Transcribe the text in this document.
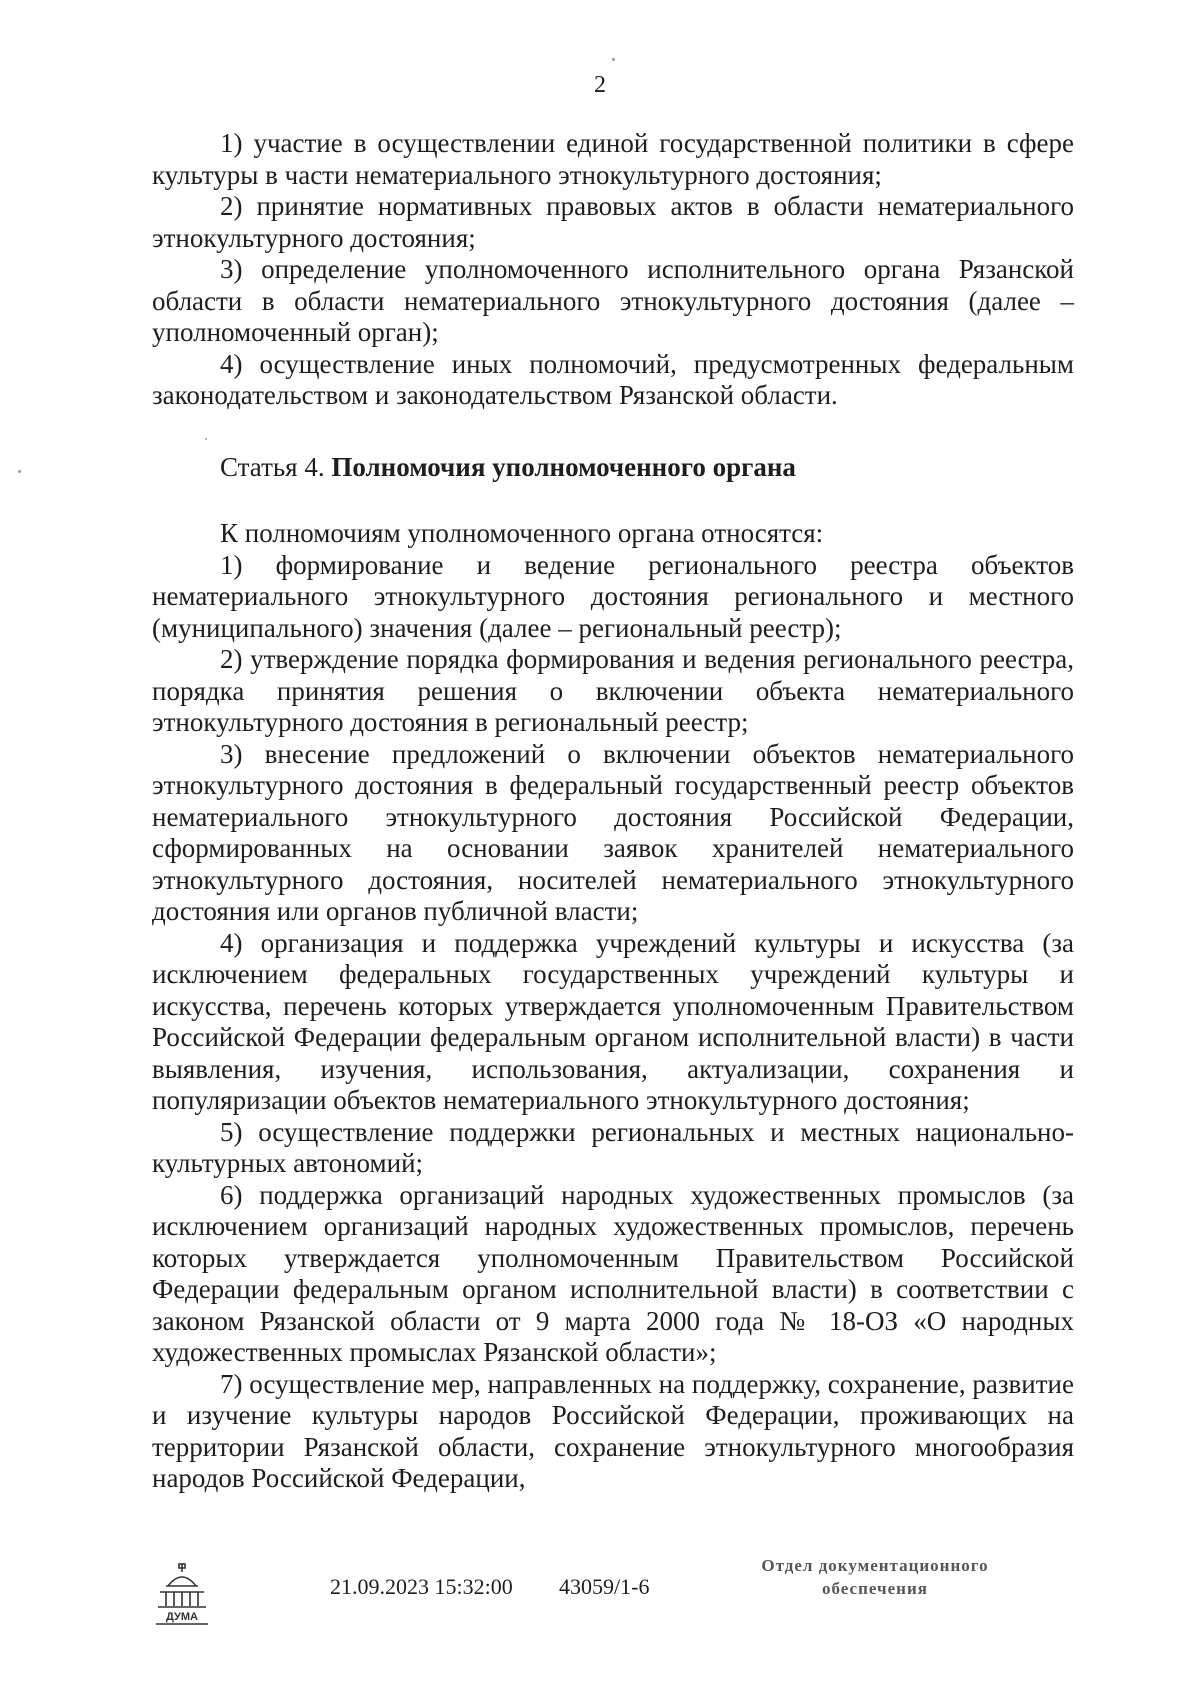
2

1) участие в осуществлении единой государственной политики в сфере культуры в части нематериального этнокультурного достояния;

2) принятие нормативных правовых актов в области нематериального этнокультурного достояния;

3) определение уполномоченного исполнительного органа Рязанской области в области нематериального этнокультурного достояния (далее – уполномоченный орган);

4) осуществление иных полномочий, предусмотренных федеральным законодательством и законодательством Рязанской области.

Статья 4. Полномочия уполномоченного органа

К полномочиям уполномоченного органа относятся:

1) формирование и ведение регионального реестра объектов нематериального этнокультурного достояния регионального и местного (муниципального) значения (далее – региональный реестр);

2) утверждение порядка формирования и ведения регионального реестра, порядка принятия решения о включении объекта нематериального этнокультурного достояния в региональный реестр;

3) внесение предложений о включении объектов нематериального этнокультурного достояния в федеральный государственный реестр объектов нематериального этнокультурного достояния Российской Федерации, сформированных на основании заявок хранителей нематериального этнокультурного достояния, носителей нематериального этнокультурного достояния или органов публичной власти;

4) организация и поддержка учреждений культуры и искусства (за исключением федеральных государственных учреждений культуры и искусства, перечень которых утверждается уполномоченным Правительством Российской Федерации федеральным органом исполнительной власти) в части выявления, изучения, использования, актуализации, сохранения и популяризации объектов нематериального этнокультурного достояния;

5) осуществление поддержки региональных и местных национально-культурных автономий;

6) поддержка организаций народных художественных промыслов (за исключением организаций народных художественных промыслов, перечень которых утверждается уполномоченным Правительством Российской Федерации федеральным органом исполнительной власти) в соответствии с законом Рязанской области от 9 марта 2000 года № 18-ОЗ «О народных художественных промыслах Рязанской области»;

7) осуществление мер, направленных на поддержку, сохранение, развитие и изучение культуры народов Российской Федерации, проживающих на территории Рязанской области, сохранение этнокультурного многообразия народов Российской Федерации,

ДУМА
21.09.2023 15:32:00 43059/1-6
Отдел документационного
обеспечения
